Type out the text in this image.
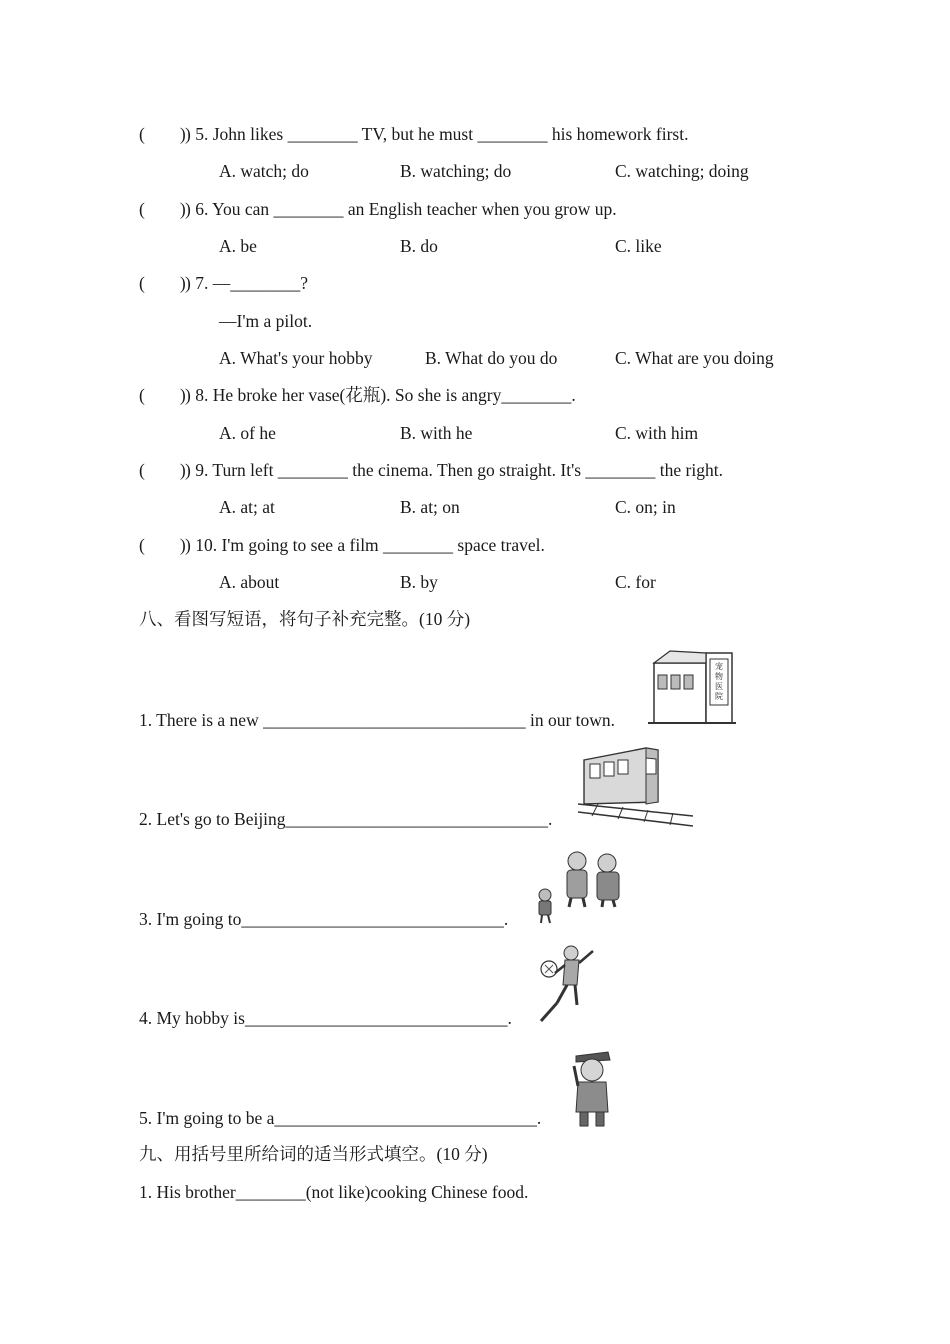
(        ) ) 5. John likes ________ TV, but he must ________ his homework first.
A. watch; do	B. watching; do	C. watching; doing
(        ) ) 6. You can ________ an English teacher when you grow up.
A. be	B. do	C. like
(        ) ) 7. —________?
—I'm a pilot.
A. What's your hobby	B. What do you do	C. What are you doing
(        ) ) 8. He broke her vase(花瓶). So she is angry________.
A. of he	B. with he	C. with him
(        ) ) 9. Turn left ________ the cinema. Then go straight. It's ________ the right.
A. at; at	B. at; on	C. on; in
(        ) ) 10. I'm going to see a film ________ space travel.
A. about	B. by	C. for
八、看图写短语，将句子补充完整。(10 分)
1. There is a new ______________________________ in our town.
2. Let's go to Beijing______________________________.
3. I'm going to______________________________.
4. My hobby is______________________________.
5. I'm going to be a______________________________.
宠
物
医
院
九、用括号里所给词的适当形式填空。(10 分)
1. His brother________(not like)cooking Chinese food.
